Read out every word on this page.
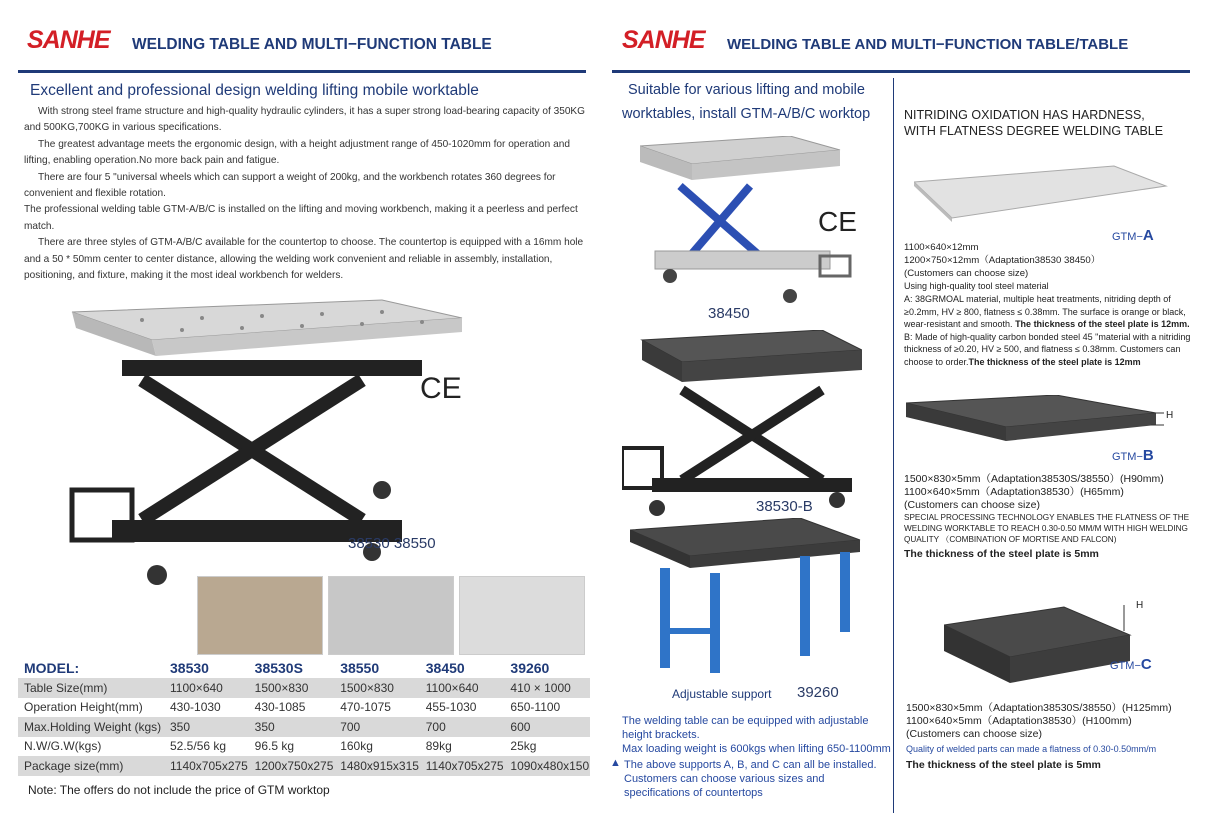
SANHE WELDING TABLE AND MULTI−FUNCTION TABLE
Excellent and professional design welding lifting mobile worktable

With strong steel frame structure and high-quality hydraulic cylinders, it has a super strong load-bearing capacity of 350KG and 500KG,700KG in various specifications.

The greatest advantage meets the ergonomic design, with a height adjustment range of 450-1020mm for operation and lifting, enabling operation.No more back pain and fatigue.

There are four 5 "universal wheels which can support a weight of 200kg, and the workbench rotates 360 degrees for convenient and flexible rotation.

The professional welding table GTM-A/B/C is installed on the lifting and moving workbench, making it a peerless and perfect match.

There are three styles of GTM-A/B/C available for the countertop to choose. The countertop is equipped with a 16mm hole and a 50 * 50mm center to center distance, allowing the welding work convenient and reliable in assembly, installation, positioning, and fixture, making it the most ideal workbench for welders.

CE
38530 38550
MODEL:	38530	38530S	38550	38450	39260
Table Size(mm)	1100×640	1500×830	1500×830	1100×640	410 × 1000
Operation Height(mm)	430-1030	430-1085	470-1075	455-1030	650-1100
Max.Holding Weight (kgs)	350	350	700	700	600
N.W/G.W(kgs)	52.5/56 kg	96.5 kg	160kg	89kg	25kg
Package size(mm)	1140x705x275	1200x750x275	1480x915x315	1140x705x275	1090x480x150
Note: The offers do not include the price of GTM worktop
SANHE WELDING TABLE AND MULTI−FUNCTION TABLE/TABLE
Suitable for various lifting and mobile
worktables, install GTM-A/B/C worktop
CE
38450
38530-B
Adjustable support 39260
The welding table can be equipped with adjustable height brackets.
Max loading weight is 600kgs when lifting 650-1100mm
▲ The above supports A, B, and C can all be installed. Customers can choose various sizes and specifications of countertops
NITRIDING OXIDATION HAS HARDNESS,
WITH FLATNESS DEGREE WELDING TABLE
GTM−A
1100×640×12mm
1200×750×12mm（Adaptation38530 38450）
(Customers can choose size)
Using high-quality tool steel material
A: 38GRMOAL material, multiple heat treatments, nitriding depth of ≥0.2mm, HV ≥ 800, flatness ≤ 0.38mm. The surface is orange or black, wear-resistant and smooth. The thickness of the steel plate is 12mm.
B: Made of high-quality carbon bonded steel 45 "material with a nitriding thickness of ≥0.20, HV ≥ 500, and flatness ≤ 0.38mm. Customers can choose to order.The thickness of the steel plate is 12mm
H
GTM−B
1500×830×5mm（Adaptation38530S/38550）(H90mm)
1100×640×5mm（Adaptation38530）(H65mm)
(Customers can choose size)
SPECIAL PROCESSING TECHNOLOGY ENABLES THE FLATNESS OF THE WELDING WORKTABLE TO REACH 0.30-0.50 MM/M WITH HIGH WELDING QUALITY （COMBINATION OF MORTISE AND FALCON)
The thickness of the steel plate is 5mm
H
GTM−C
1500×830×5mm（Adaptation38530S/38550）(H125mm)
1100×640×5mm（Adaptation38530）(H100mm)
(Customers can choose size)
Quality of welded parts can made a flatness of 0.30-0.50mm/m
The thickness of the steel plate is 5mm
